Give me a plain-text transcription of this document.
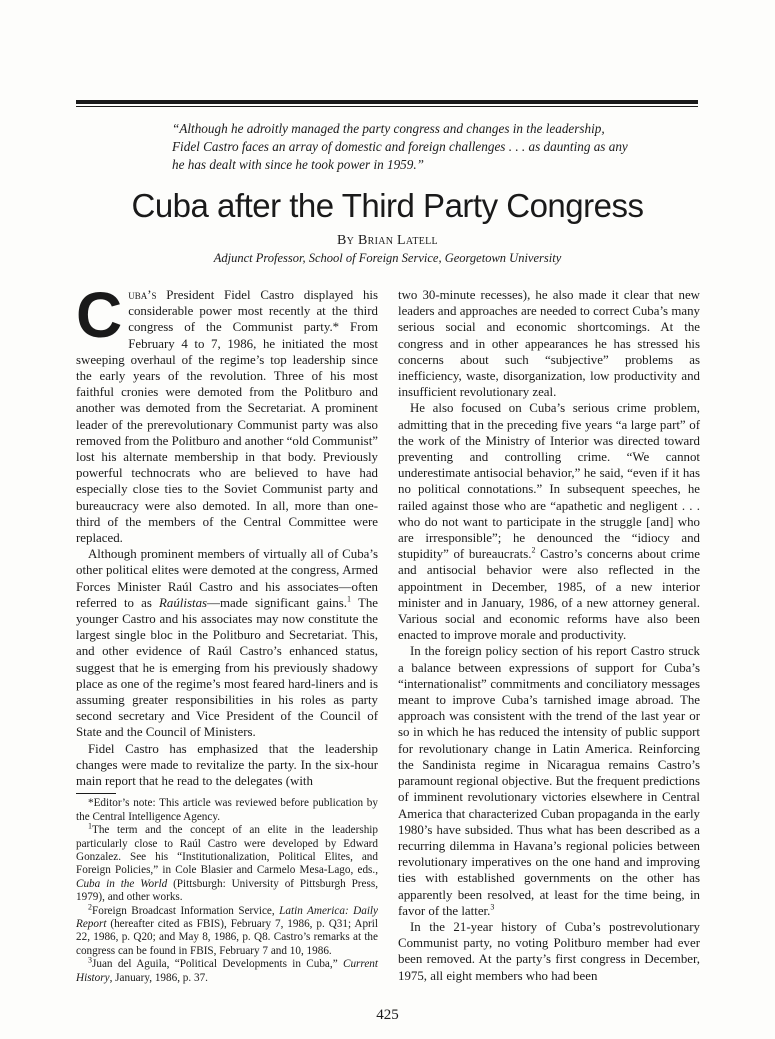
“Although he adroitly managed the party congress and changes in the leadership, Fidel Castro faces an array of domestic and foreign challenges . . . as daunting as any he has dealt with since he took power in 1959.”
Cuba after the Third Party Congress
By Brian Latell
Adjunct Professor, School of Foreign Service, Georgetown University

Cuba’s President Fidel Castro displayed his considerable power most recently at the third congress of the Communist party.* From February 4 to 7, 1986, he initiated the most sweeping overhaul of the regime’s top leadership since the early years of the revolution. Three of his most faithful cronies were demoted from the Politburo and another was demoted from the Secretariat. A prominent leader of the prerevolutionary Communist party was also removed from the Politburo and another “old Communist” lost his alternate membership in that body. Previously powerful technocrats who are believed to have had especially close ties to the Soviet Communist party and bureaucracy were also demoted. In all, more than one-third of the members of the Central Committee were replaced.

Although prominent members of virtually all of Cuba’s other political elites were demoted at the congress, Armed Forces Minister Raúl Castro and his associates—often referred to as Raúlistas—made significant gains.$^1$ The younger Castro and his associates may now constitute the largest single bloc in the Politburo and Secretariat. This, and other evidence of Raúl Castro’s enhanced status, suggest that he is emerging from his previously shadowy place as one of the regime’s most feared hard-liners and is assuming greater responsibilities in his roles as party second secretary and Vice President of the Council of State and the Council of Ministers.

Fidel Castro has emphasized that the leadership changes were made to revitalize the party. In the six-hour main report that he read to the delegates (with

*Editor’s note: This article was reviewed before publication by the Central Intelligence Agency.

$^1$The term and the concept of an elite in the leadership particularly close to Raúl Castro were developed by Edward Gonzalez. See his “Institutionalization, Political Elites, and Foreign Policies,” in Cole Blasier and Carmelo Mesa-Lago, eds., Cuba in the World (Pittsburgh: University of Pittsburgh Press, 1979), and other works.

$^2$Foreign Broadcast Information Service, Latin America: Daily Report (hereafter cited as FBIS), February 7, 1986, p. Q31; April 22, 1986, p. Q20; and May 8, 1986, p. Q8. Castro’s remarks at the congress can be found in FBIS, February 7 and 10, 1986.

$^3$Juan del Aguila, “Political Developments in Cuba,” Current History, January, 1986, p. 37.

two 30-minute recesses), he also made it clear that new leaders and approaches are needed to correct Cuba’s many serious social and economic shortcomings. At the congress and in other appearances he has stressed his concerns about such “subjective” problems as inefficiency, waste, disorganization, low productivity and insufficient revolutionary zeal.

He also focused on Cuba’s serious crime problem, admitting that in the preceding five years “a large part” of the work of the Ministry of Interior was directed toward preventing and controlling crime. “We cannot underestimate antisocial behavior,” he said, “even if it has no political connotations.” In subsequent speeches, he railed against those who are “apathetic and negligent . . . who do not want to participate in the struggle [and] who are irresponsible”; he denounced the “idiocy and stupidity” of bureaucrats.$^2$ Castro’s concerns about crime and antisocial behavior were also reflected in the appointment in December, 1985, of a new interior minister and in January, 1986, of a new attorney general. Various social and economic reforms have also been enacted to improve morale and productivity.

In the foreign policy section of his report Castro struck a balance between expressions of support for Cuba’s “internationalist” commitments and conciliatory messages meant to improve Cuba’s tarnished image abroad. The approach was consistent with the trend of the last year or so in which he has reduced the intensity of public support for revolutionary change in Latin America. Reinforcing the Sandinista regime in Nicaragua remains Castro’s paramount regional objective. But the frequent predictions of imminent revolutionary victories elsewhere in Central America that characterized Cuban propaganda in the early 1980’s have subsided. Thus what has been described as a recurring dilemma in Havana’s regional policies between revolutionary imperatives on the one hand and improving ties with established governments on the other has apparently been resolved, at least for the time being, in favor of the latter.$^3$

In the 21-year history of Cuba’s postrevolutionary Communist party, no voting Politburo member had ever been removed. At the party’s first congress in December, 1975, all eight members who had been

425
